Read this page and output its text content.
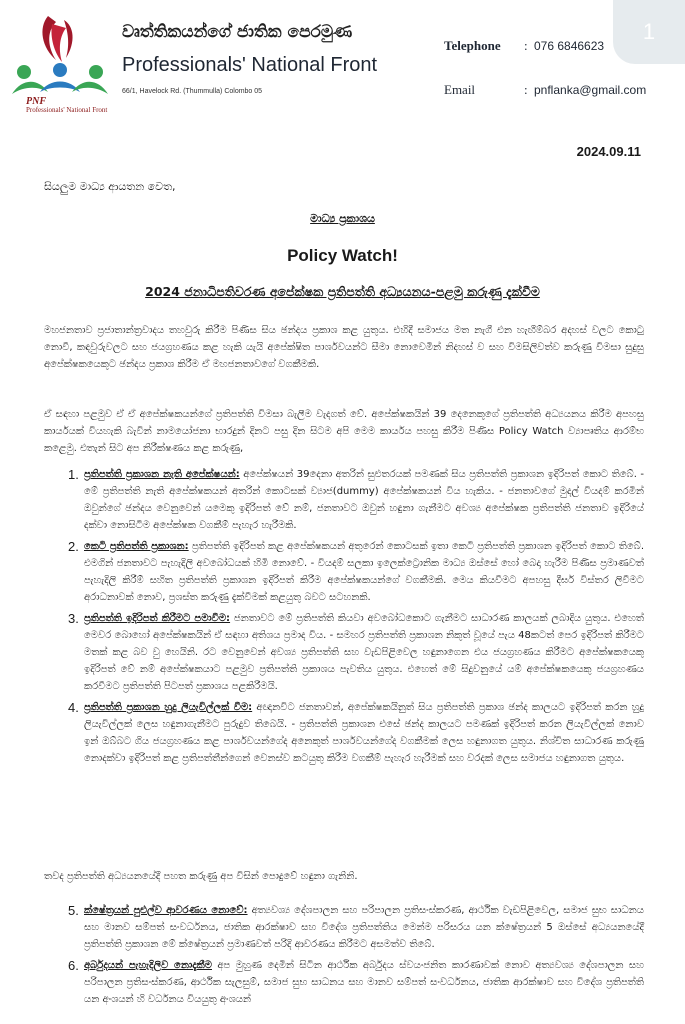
1
PNF
Professionals' National Front
වෘත්තිකයන්ගේ ජාතික පෙරමුණ
Professionals' National Front
66/1, Havelock Rd. (Thummulla) Colombo 05
Telephone : 076 6846623
Email	: pnflanka@gmail.com
2024.09.11
සියලුම මාධ්‍ය ආයතන වෙත,
මාධ්‍ය ප්‍රකාශය
Policy Watch!
2024 ජනාධිපතිවරණ අපේක්ෂක ප්‍රතිපත්ති අධ්‍යයනය-පළමු කරුණු දැක්වීම
මහජනතාව ප්‍රජාතාන්ත්‍රවාදය තහවුරු කිරීම පිණිස සිය ඡන්දය ප්‍රකාශ කළ යුතුය. එහිදී සමාජය මත නැගී එන හැඟීම්බර අදහස් වලට කොටු නොවී, කඳවුරුවලට සහ ජයග්‍රහණය කළ හැකි යැයි අපේක්ෂිත පාර්ශවයන්ට සීමා නොවෙමින් නිදහස් ව සහ විමසිලිවත්ව කරුණු විමසා සුදුසු අපේක්ෂකයෙකුට ඡන්දය ප්‍රකාශ කිරීම ඒ මහජනතාවගේ වගකීමකි.
ඒ සඳහා පළමුව ඒ ඒ අපේක්ෂකයන්ගේ ප්‍රතිපත්ති විමසා බැලීම වැදගත් වේ. අපේක්ෂකයින් 39 දෙනෙකුගේ ප්‍රතිපත්ති අධ්‍යයනය කිරීම අපහසු කාර්යයක් වියහැකි බැවින් නාමයෝජනා භාරදුන් දිනට පසු දින සිටම අපි මෙම කාර්යය පහසු කිරීම පිණිස Policy Watch ව්‍යාපෘතිය ආරම්භ කළෙමු. එතැන් සිට අප නිරීක්ෂණය කළ කරුණු,
1. ප්‍රතිපත්ති ප්‍රකාශන නැති අපේක්ෂයන්: අපේක්ෂයන් 39දෙනා අතරින් සුළුතරයක් පමණක් සිය ප්‍රතිපත්ති ප්‍රකාශන ඉදිරිපත් කොට තිබේ. - මේ ප්‍රතිපත්ති නැති අපේක්ෂකයන් අතරින් කොටසක් ව්‍යාජ(dummy) අපේක්ෂකයන් විය හැකිය. - ජනතාවගේ මුදල් වියදම් කරමින් ඔවුන්ගේ ඡන්දය වෙනුවෙන් යමෙකු ඉදිරිපත් වේ නම්, ජනතාවට ඔවුන් හඳුනා ගැනීමට අවශ්‍ය අපේක්ෂක ප්‍රතිපත්ති ජනතාව ඉදිරියේ දක්වා නොසිටීම අපේක්ෂක වගකීම් පැහැර හැරීමකි.
2. කෙටි ප්‍රතිපත්ති ප්‍රකාශන: ප්‍රතිපත්ති ඉදිරිපත් කළ අපේක්ෂකයන් අතුරෙන් කොටසක් ඉතා කෙටි ප්‍රතිපත්ති ප්‍රකාශන ඉදිරිපත් කොට තිබේ. එමගින් ජනතාවට පැහැදිලි අවබෝධයක් හිමි නොවේ. - වියදම් සලකා ඉලෙක්ට්‍රොනික මාධ්‍ය ඔස්සේ හෝ බෙදා හැරීම පිණිස ප්‍රමාණවත් පැහැදිලි කිරීම් සහිත ප්‍රතිපත්ති ප්‍රකාශන ඉදිරිපත් කිරීම අපේක්ෂකයන්ගේ වගකීමකි. මෙය කියවීමට අපහසු දීර්ඝ විස්තර ලිවීමට අරාධනාවක් නොව, ප්‍රශස්ත කරුණු දැක්වීමක් කළයුතු බවට සටහනකි.
3. ප්‍රතිපත්ති ඉදිරිපත් කිරීමට පමාවීම: ජනතාවට මේ ප්‍රතිපත්ති කියවා අවබෝධකොට ගැනීමට සාධාරණ කාලයක් ලබාදිය යුතුය. එහෙත් මෙවර බොහෝ අපේක්ෂකයින් ඒ සඳහා අතිශය ප්‍රමාද විය. - සමහර ප්‍රතිපත්ති ප්‍රකාශන නිකුත් වූයේ පැය 48කටත් පෙර ඉදිරිපත් කිරීමට මතක් කළ බව වු හෙයිනි. රට වෙනුවෙන් අවශ්‍ය ප්‍රතිපත්ති සහ වැඩපිළිවෙල හඳුනාගෙන එය ජයග්‍රහණය කිරීමට අපේක්ෂකයෙකු ඉදිරිපත් වේ නම් අපේක්ෂකයාට පළමුව ප්‍රතිපත්ති ප්‍රකාශය පැවතිය යුතුය. එහෙත් මේ සිදුවනුයේ යම් අපේක්ෂකයෙකු ජයග්‍රහණය කරවීමට ප්‍රතිපත්ති පිටපත් ප්‍රකාශය පළකිරීමයි.
4. ප්‍රතිපත්ති ප්‍රකාශන හුදු ලියැවිල්ලක් වීම: අඥානවිට ජනතාවන්, අපේක්ෂකයිනුත් සිය ප්‍රතිපත්ති ප්‍රකාශ ඡන්ද කාලයට ඉදිරිපත් කරන හුදු ලියැවිල්ලක් ලෙස හඳුනාගැනීමට පුරුදුව තිබෙයි. - ප්‍රතිපත්ති ප්‍රකාශන එසේ ඡන්ද කාලයට පමණක් ඉදිරිපත් කරන ලියැවිල්ලක් නොව ඉන් ඔබ්බට ගිය ජයග්‍රහණය කළ පාර්ශවයන්ගේද අනෙකුත් පාර්ශවයන්ගේද වගකීමක් ලෙස හඳුනාගත යුතුය. නිශ්චිත සාධාරණ කරුණු නොදක්වා ඉදිරිපත් කළ ප්‍රතිපත්තීන්ගෙන් වෙනස්ව කටයුතු කිරීම වගකීම් පැහැර හැරීමක් සහ වරදක් ලෙස සමාජය හඳුනාගත යුතුය.
තවද ප්‍රතිපත්ති අධ්‍යයනයේදී පහත කරුණු අප විසින් පොදුවේ හඳුනා ගැනිනි.
5. ක්ෂේත්‍රයන් පුළුල්ව ආවරණය නොවේ: අත්‍යවශ්‍ය දේශපාලන සහ පරිපාලන ප්‍රතිසංස්කරණ, ආර්ථික වැඩපිළිවෙල, සමාජ සුභ සාධනය සහ මානව සම්පත් සංවර්ධනය, ජාතික ආරක්ෂාව සහ විදේශ ප්‍රතිපත්තිය මෙන්ම පරිසරය යන ක්ෂේත්‍රයන් 5 ඔස්සේ අධ්‍යයනයේදී ප්‍රතිපත්ති ප්‍රකාශන මේ ක්ෂේත්‍රයන් ප්‍රමාණවත් පරිදි ආවරණය කිරීමට අසමත්ව තිබේ.
6. අර්බුදයන් පැහැදිලිව නොදැකීම අප මුහුණ දෙමින් සිටින ආර්ථික අර්බුදය ස්වයංජනිත කාරණාවක් නොව අත්‍යවශ්‍ය දේශපාලන සහ පරිපාලන ප්‍රතිසංස්කරණ, ආර්ථික සැලසුම්, සමාජ සුභ සාධනය සහ මානව සම්පත් සංවර්ධනය, ජාතික ආරක්ෂාව සහ විදේශ ප්‍රතිපත්ති යන අංශයන් හි වර්ධනය වියයුතු අංශයන්
